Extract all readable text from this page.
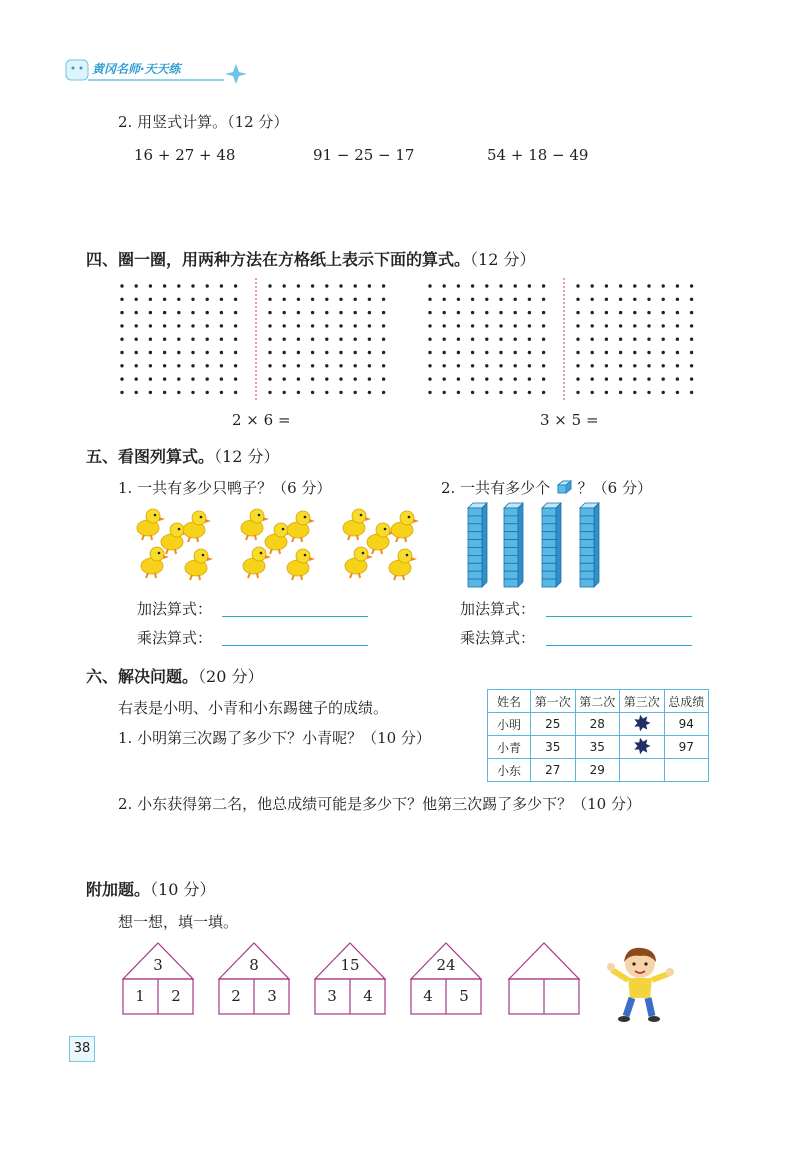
黄冈名师·天天练
2. 用竖式计算。（12 分）
16 + 27 + 48	91 − 25 − 17	54 + 18 − 49
四、圈一圈，用两种方法在方格纸上表示下面的算式。（12 分）
2 × 6 =	3 × 5 =
五、看图列算式。（12 分）
1. 一共有多少只鸭子？（6 分）	2. 一共有多少个 ？（6 分）
加法算式：
乘法算式：
加法算式：
乘法算式：
六、解决问题。（20 分）
右表是小明、小青和小东踢毽子的成绩。
1. 小明第三次踢了多少下？小青呢？（10 分）
姓名	第一次	第二次	第三次	总成绩
小明	25	28		94
小青	35	35		97
小东	27	29		
2. 小东获得第二名，他总成绩可能是多少下？他第三次踢了多少下？（10 分）
附加题。（10 分）
想一想，填一填。
3
1	2
8
2	3
15
3	4
24
4	5
38
